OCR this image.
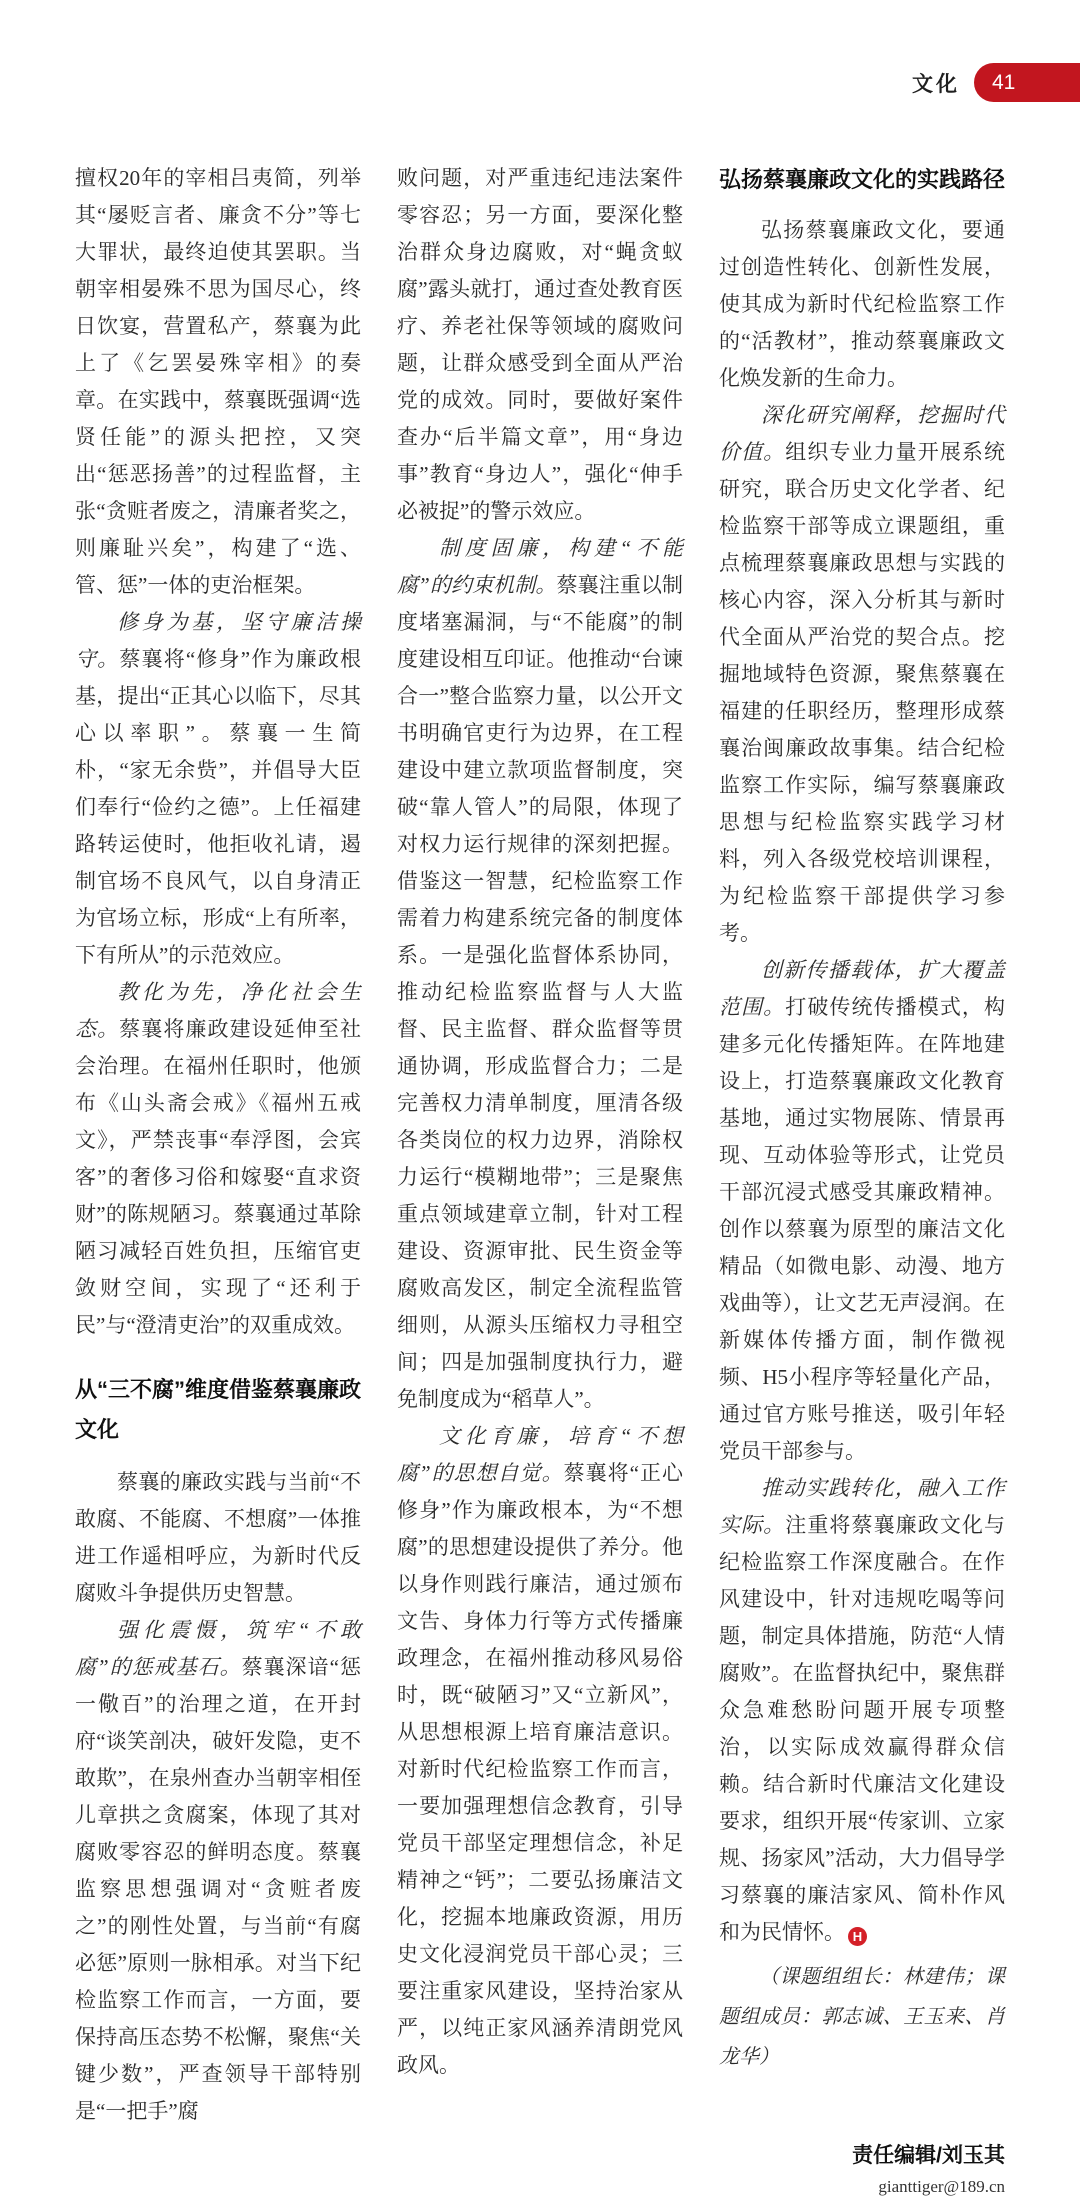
文化 41

擅权20年的宰相吕夷简，列举其“屡贬言者、廉贪不分”等七大罪状，最终迫使其罢职。当朝宰相晏殊不思为国尽心，终日饮宴，营置私产，蔡襄为此上了《乞罢晏殊宰相》的奏章。在实践中，蔡襄既强调“选贤任能”的源头把控，又突出“惩恶扬善”的过程监督，主张“贪赃者废之，清廉者奖之，则廉耻兴矣”，构建了“选、管、惩”一体的吏治框架。

修身为基，坚守廉洁操守。蔡襄将“修身”作为廉政根基，提出“正其心以临下，尽其心以率职”。蔡襄一生简朴，“家无余赀”，并倡导大臣们奉行“俭约之德”。上任福建路转运使时，他拒收礼请，遏制官场不良风气，以自身清正为官场立标，形成“上有所率，下有所从”的示范效应。

教化为先，净化社会生态。蔡襄将廉政建设延伸至社会治理。在福州任职时，他颁布《山头斋会戒》《福州五戒文》，严禁丧事“奉浮图，会宾客”的奢侈习俗和嫁娶“直求资财”的陈规陋习。蔡襄通过革除陋习减轻百姓负担，压缩官吏敛财空间，实现了“还利于民”与“澄清吏治”的双重成效。

从“三不腐”维度借鉴蔡襄廉政文化

蔡襄的廉政实践与当前“不敢腐、不能腐、不想腐”一体推进工作遥相呼应，为新时代反腐败斗争提供历史智慧。

强化震慑，筑牢“不敢腐”的惩戒基石。蔡襄深谙“惩一儆百”的治理之道，在开封府“谈笑剖决，破奸发隐，吏不敢欺”，在泉州查办当朝宰相侄儿章拱之贪腐案，体现了其对腐败零容忍的鲜明态度。蔡襄监察思想强调对“贪赃者废之”的刚性处置，与当前“有腐必惩”原则一脉相承。对当下纪检监察工作而言，一方面，要保持高压态势不松懈，聚焦“关键少数”，严查领导干部特别是“一把手”腐

败问题，对严重违纪违法案件零容忍；另一方面，要深化整治群众身边腐败，对“蝇贪蚁腐”露头就打，通过查处教育医疗、养老社保等领域的腐败问题，让群众感受到全面从严治党的成效。同时，要做好案件查办“后半篇文章”，用“身边事”教育“身边人”，强化“伸手必被捉”的警示效应。

制度固廉，构建“不能腐”的约束机制。蔡襄注重以制度堵塞漏洞，与“不能腐”的制度建设相互印证。他推动“台谏合一”整合监察力量，以公开文书明确官吏行为边界，在工程建设中建立款项监督制度，突破“靠人管人”的局限，体现了对权力运行规律的深刻把握。借鉴这一智慧，纪检监察工作需着力构建系统完备的制度体系。一是强化监督体系协同，推动纪检监察监督与人大监督、民主监督、群众监督等贯通协调，形成监督合力；二是完善权力清单制度，厘清各级各类岗位的权力边界，消除权力运行“模糊地带”；三是聚焦重点领域建章立制，针对工程建设、资源审批、民生资金等腐败高发区，制定全流程监管细则，从源头压缩权力寻租空间；四是加强制度执行力，避免制度成为“稻草人”。

文化育廉，培育“不想腐”的思想自觉。蔡襄将“正心修身”作为廉政根本，为“不想腐”的思想建设提供了养分。他以身作则践行廉洁，通过颁布文告、身体力行等方式传播廉政理念，在福州推动移风易俗时，既“破陋习”又“立新风”，从思想根源上培育廉洁意识。对新时代纪检监察工作而言，一要加强理想信念教育，引导党员干部坚定理想信念，补足精神之“钙”；二要弘扬廉洁文化，挖掘本地廉政资源，用历史文化浸润党员干部心灵；三要注重家风建设，坚持治家从严，以纯正家风涵养清朗党风政风。

弘扬蔡襄廉政文化的实践路径

弘扬蔡襄廉政文化，要通过创造性转化、创新性发展，使其成为新时代纪检监察工作的“活教材”，推动蔡襄廉政文化焕发新的生命力。

深化研究阐释，挖掘时代价值。组织专业力量开展系统研究，联合历史文化学者、纪检监察干部等成立课题组，重点梳理蔡襄廉政思想与实践的核心内容，深入分析其与新时代全面从严治党的契合点。挖掘地域特色资源，聚焦蔡襄在福建的任职经历，整理形成蔡襄治闽廉政故事集。结合纪检监察工作实际，编写蔡襄廉政思想与纪检监察实践学习材料，列入各级党校培训课程，为纪检监察干部提供学习参考。

创新传播载体，扩大覆盖范围。打破传统传播模式，构建多元化传播矩阵。在阵地建设上，打造蔡襄廉政文化教育基地，通过实物展陈、情景再现、互动体验等形式，让党员干部沉浸式感受其廉政精神。创作以蔡襄为原型的廉洁文化精品（如微电影、动漫、地方戏曲等），让文艺无声浸润。在新媒体传播方面，制作微视频、H5小程序等轻量化产品，通过官方账号推送，吸引年轻党员干部参与。

推动实践转化，融入工作实际。注重将蔡襄廉政文化与纪检监察工作深度融合。在作风建设中，针对违规吃喝等问题，制定具体措施，防范“人情腐败”。在监督执纪中，聚焦群众急难愁盼问题开展专项整治，以实际成效赢得群众信赖。结合新时代廉洁文化建设要求，组织开展“传家训、立家规、扬家风”活动，大力倡导学习蔡襄的廉洁家风、简朴作风和为民情怀。 H

（课题组组长：林建伟；课题组成员：郭志诚、王玉来、肖龙华）

责任编辑/刘玉其

gianttiger@189.cn
